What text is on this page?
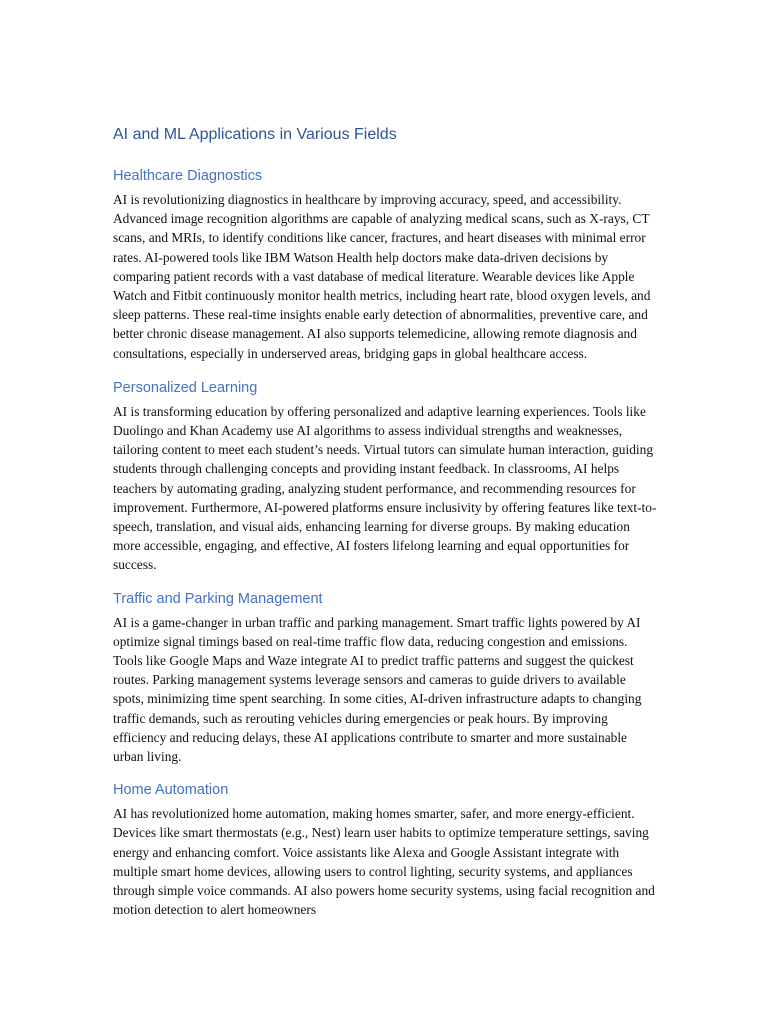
AI and ML Applications in Various Fields
Healthcare Diagnostics

AI is revolutionizing diagnostics in healthcare by improving accuracy, speed, and accessibility. Advanced image recognition algorithms are capable of analyzing medical scans, such as X-rays, CT scans, and MRIs, to identify conditions like cancer, fractures, and heart diseases with minimal error rates. AI-powered tools like IBM Watson Health help doctors make data-driven decisions by comparing patient records with a vast database of medical literature. Wearable devices like Apple Watch and Fitbit continuously monitor health metrics, including heart rate, blood oxygen levels, and sleep patterns. These real-time insights enable early detection of abnormalities, preventive care, and better chronic disease management. AI also supports telemedicine, allowing remote diagnosis and consultations, especially in underserved areas, bridging gaps in global healthcare access.

Personalized Learning

AI is transforming education by offering personalized and adaptive learning experiences. Tools like Duolingo and Khan Academy use AI algorithms to assess individual strengths and weaknesses, tailoring content to meet each student’s needs. Virtual tutors can simulate human interaction, guiding students through challenging concepts and providing instant feedback. In classrooms, AI helps teachers by automating grading, analyzing student performance, and recommending resources for improvement. Furthermore, AI-powered platforms ensure inclusivity by offering features like text-to-speech, translation, and visual aids, enhancing learning for diverse groups. By making education more accessible, engaging, and effective, AI fosters lifelong learning and equal opportunities for success.

Traffic and Parking Management

AI is a game-changer in urban traffic and parking management. Smart traffic lights powered by AI optimize signal timings based on real-time traffic flow data, reducing congestion and emissions. Tools like Google Maps and Waze integrate AI to predict traffic patterns and suggest the quickest routes. Parking management systems leverage sensors and cameras to guide drivers to available spots, minimizing time spent searching. In some cities, AI-driven infrastructure adapts to changing traffic demands, such as rerouting vehicles during emergencies or peak hours. By improving efficiency and reducing delays, these AI applications contribute to smarter and more sustainable urban living.

Home Automation

AI has revolutionized home automation, making homes smarter, safer, and more energy-efficient. Devices like smart thermostats (e.g., Nest) learn user habits to optimize temperature settings, saving energy and enhancing comfort. Voice assistants like Alexa and Google Assistant integrate with multiple smart home devices, allowing users to control lighting, security systems, and appliances through simple voice commands. AI also powers home security systems, using facial recognition and motion detection to alert homeowners
